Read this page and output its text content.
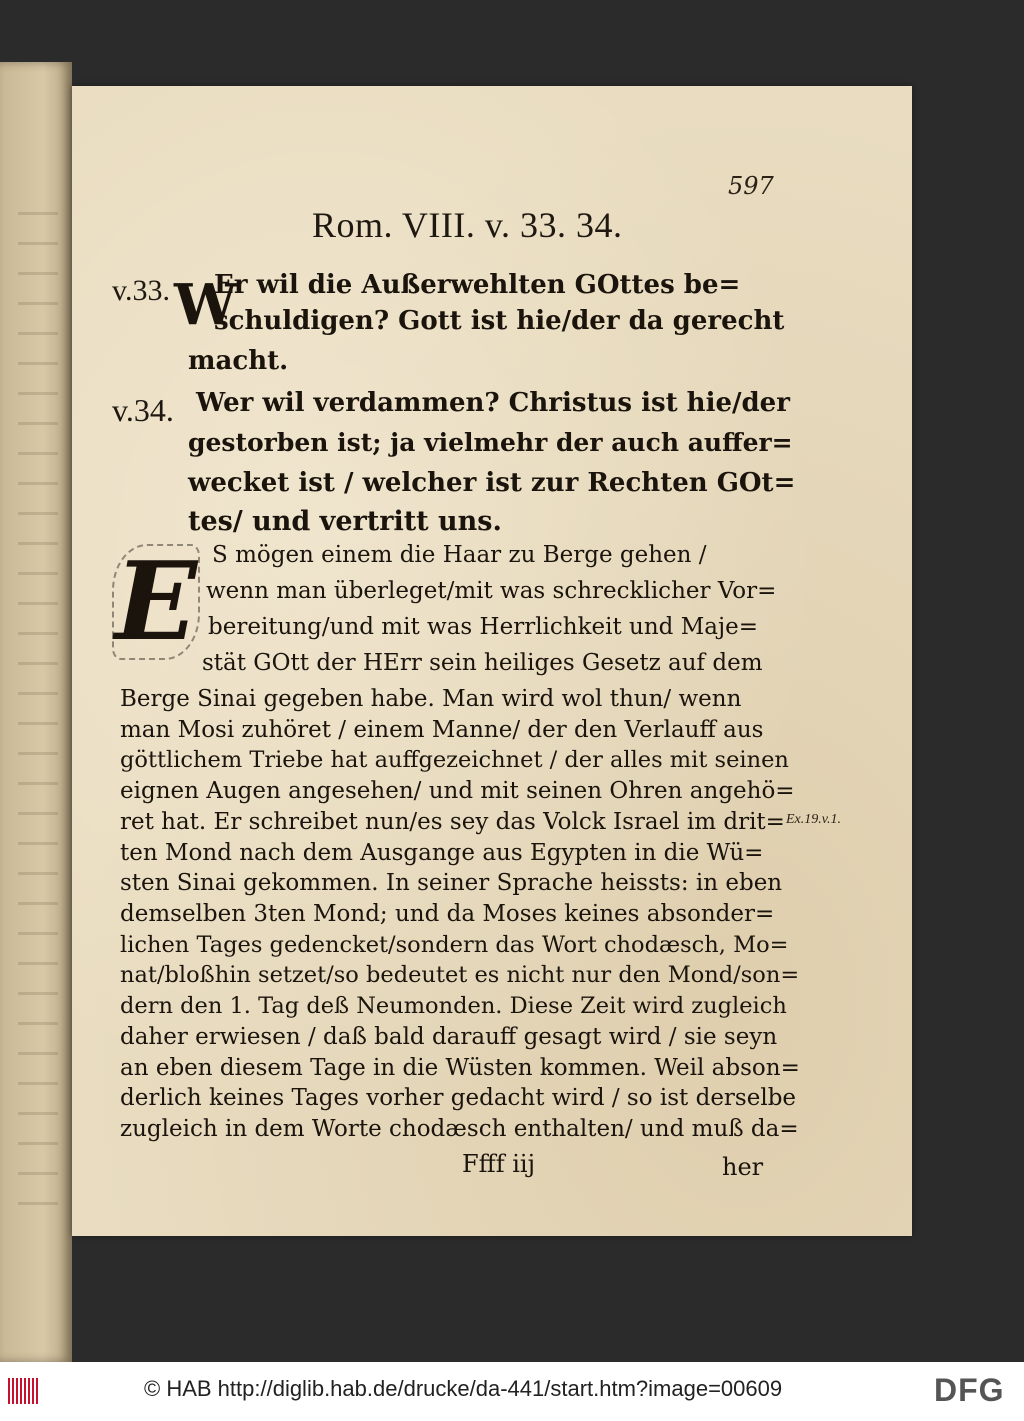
597
Rom. VIII. v. 33. 34.
v.33. W
Er wil die Außerwehlten GOttes be=
schuldigen? Gott ist hie/der da gerecht
macht.
v.34. Wer wil verdammen? Christus ist hie/der
gestorben ist; ja vielmehr der auch auffer=
wecket ist / welcher ist zur Rechten GOt=
tes/ und vertritt uns.
E S mögen einem die Haar zu Berge gehen /
wenn man überleget/mit was schrecklicher Vor=
bereitung/und mit was Herrlichkeit und Maje=
stät GOtt der HErr sein heiliges Gesetz auf dem
Berge Sinai gegeben habe. Man wird wol thun/ wenn
man Mosi zuhöret / einem Manne/ der den Verlauff aus
göttlichem Triebe hat auffgezeichnet / der alles mit seinen
eignen Augen angesehen/ und mit seinen Ohren angehö=
ret hat. Er schreibet nun/es sey das Volck Israel im drit=
ten Mond nach dem Ausgange aus Egypten in die Wü=
sten Sinai gekommen. In seiner Sprache heissts: in eben
demselben 3ten Mond; und da Moses keines absonder=
lichen Tages gedencket/sondern das Wort chodæsch, Mo=
nat/bloßhin setzet/so bedeutet es nicht nur den Mond/son=
dern den 1. Tag deß Neumonden. Diese Zeit wird zugleich
daher erwiesen / daß bald darauff gesagt wird / sie seyn
an eben diesem Tage in die Wüsten kommen. Weil abson=
derlich keines Tages vorher gedacht wird / so ist derselbe
zugleich in dem Worte chodæsch enthalten/ und muß da=
Ex.19.v.1.
Ffff iij	her
© HAB http://diglib.hab.de/drucke/da-441/start.htm?image=00609	DFG
